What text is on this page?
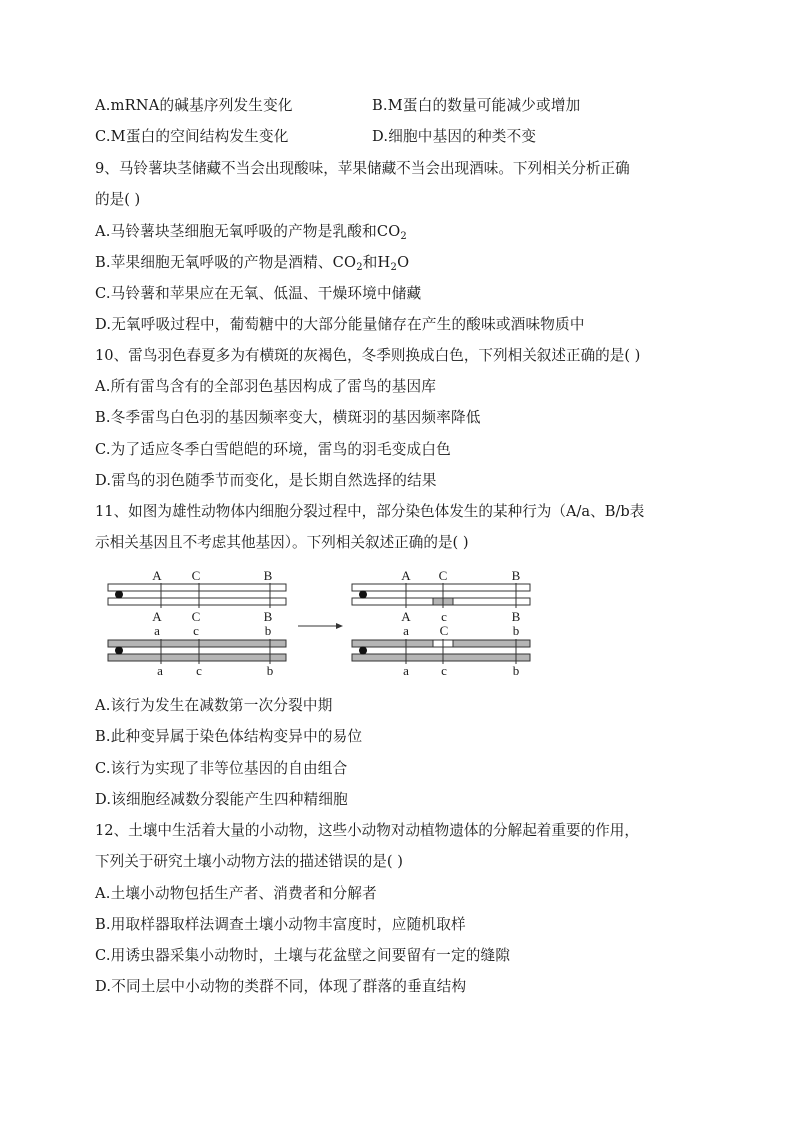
A.mRNA的碱基序列发生变化	B.M蛋白的数量可能减少或增加
C.M蛋白的空间结构发生变化	D.细胞中基因的种类不变
9、马铃薯块茎储藏不当会出现酸味，苹果储藏不当会出现酒味。下列相关分析正确
的是( )
A.马铃薯块茎细胞无氧呼吸的产物是乳酸和$CO_2$
B.苹果细胞无氧呼吸的产物是酒精、$CO_2$和$H_2O$
C.马铃薯和苹果应在无氧、低温、干燥环境中储藏
D.无氧呼吸过程中，葡萄糖中的大部分能量储存在产生的酸味或酒味物质中
10、雷鸟羽色春夏多为有横斑的灰褐色，冬季则换成白色，下列相关叙述正确的是( )
A.所有雷鸟含有的全部羽色基因构成了雷鸟的基因库
B.冬季雷鸟白色羽的基因频率变大，横斑羽的基因频率降低
C.为了适应冬季白雪皑皑的环境，雷鸟的羽毛变成白色
D.雷鸟的羽色随季节而变化，是长期自然选择的结果
11、如图为雄性动物体内细胞分裂过程中，部分染色体发生的某种行为（A/a、B/b表
示相关基因且不考虑其他基因）。下列相关叙述正确的是( )
A C	B
A C	B
a	c	b
a	c	b
A C	B
A c	B
a C	b
a c	b
A.该行为发生在减数第一次分裂中期
B.此种变异属于染色体结构变异中的易位
C.该行为实现了非等位基因的自由组合
D.该细胞经减数分裂能产生四种精细胞
12、土壤中生活着大量的小动物，这些小动物对动植物遗体的分解起着重要的作用，
下列关于研究土壤小动物方法的描述错误的是( )
A.土壤小动物包括生产者、消费者和分解者
B.用取样器取样法调查土壤小动物丰富度时，应随机取样
C.用诱虫器采集小动物时，土壤与花盆壁之间要留有一定的缝隙
D.不同土层中小动物的类群不同，体现了群落的垂直结构
